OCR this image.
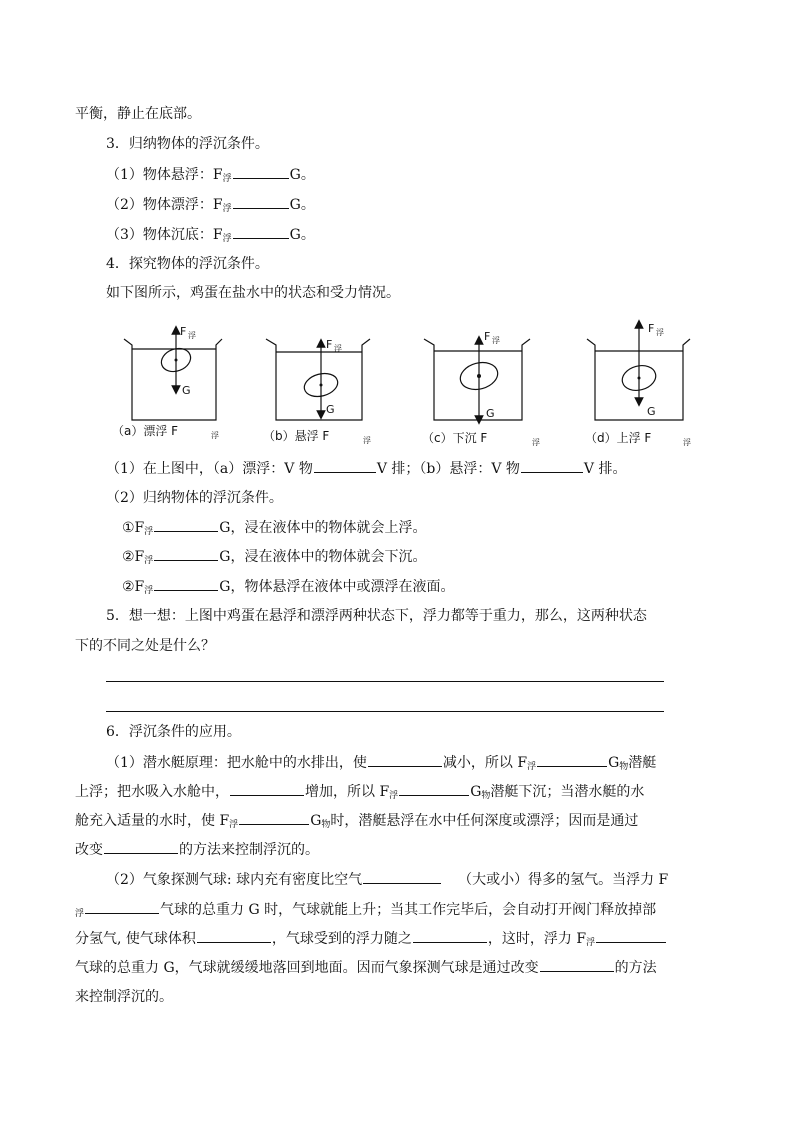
平衡，静止在底部。
3．归纳物体的浮沉条件。
（1）物体悬浮：$F_浮$	G。
（2）物体漂浮：$F_浮$	G。
（3）物体沉底：$F_浮$	G。
4．探究物体的浮沉条件。
如下图所示，鸡蛋在盐水中的状态和受力情况。
F 浮
G
F 浮
G
F 浮
G
F 浮
G
（a）漂浮 F	浮	（b）悬浮 F	浮	（c）下沉 F	浮	（d）上浮 F	浮
（1）在上图中，（a）漂浮：V 物	V 排；（b）悬浮：V 物	V 排。
（2）归纳物体的浮沉条件。
$①F_浮$	G，浸在液体中的物体就会上浮。
$②F_浮$	G，浸在液体中的物体就会下沉。
$②F_浮$	G，物体悬浮在液体中或漂浮在液面。
5．想一想：上图中鸡蛋在悬浮和漂浮两种状态下，浮力都等于重力，那么，这两种状态
下的不同之处是什么？
6．浮沉条件的应用。
（1）潜水艇原理：把水舱中的水排出，使	减小，所以 $F_浮$	$G_物$潜艇
上浮；把水吸入水舱中，	增加，所以 $F_浮$	$G_物$潜艇下沉；当潜水艇的水
舱充入适量的水时，使 $F_浮$	$G_物$时，潜艇悬浮在水中任何深度或漂浮；因而是通过
改变	的方法来控制浮沉的。
（2）气象探测气球: 球内充有密度比空气	（大或小）得多的氢气。当浮力 F
$_浮$	气球的总重力 G 时，气球就能上升；当其工作完毕后，会自动打开阀门释放掉部
分氢气, 使气球体积	，气球受到的浮力随之	，这时，浮力 $F_浮$
气球的总重力 G，气球就缓缓地落回到地面。因而气象探测气球是通过改变	的方法
来控制浮沉的。
